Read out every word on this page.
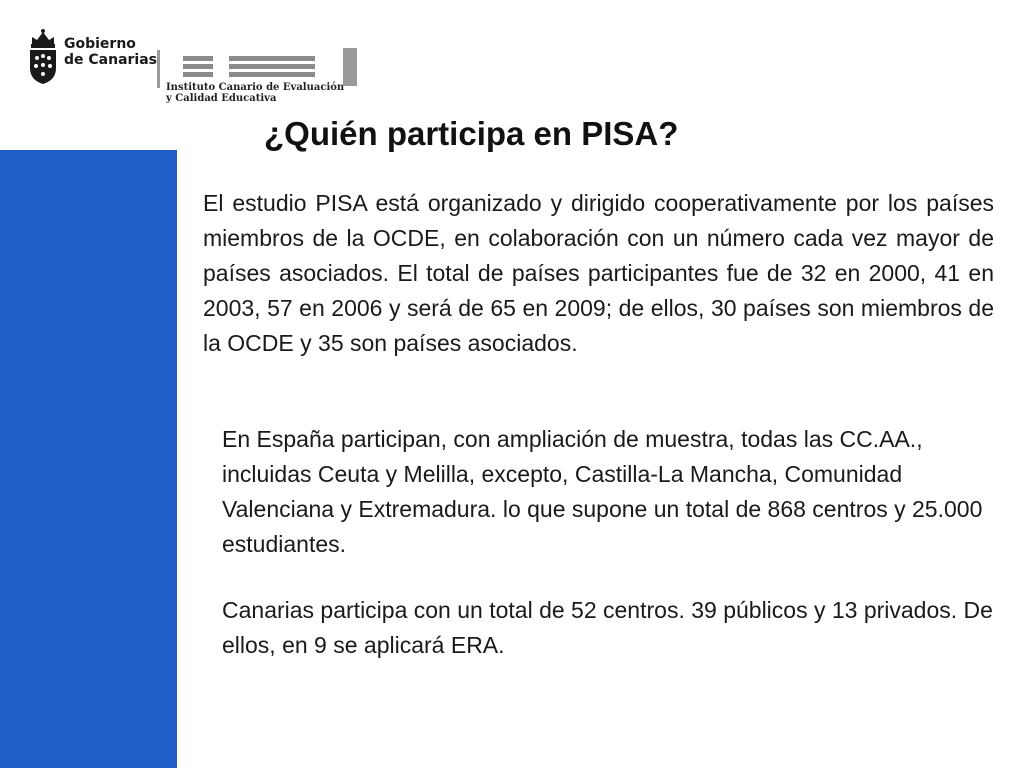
Gobierno
de Canarias
Instituto Canario de Evaluación
y Calidad Educativa
¿Quién participa en PISA?

El estudio PISA está organizado y dirigido cooperativamente por los países miembros de la OCDE, en colaboración con un número cada vez mayor de países asociados. El total de países participantes fue de 32 en 2000, 41 en 2003, 57 en 2006 y será de 65 en 2009; de ellos, 30 países son miembros de la OCDE y 35 son países asociados.

En España participan, con ampliación de muestra, todas las CC.AA., incluidas Ceuta y Melilla, excepto, Castilla-La Mancha, Comunidad Valenciana y Extremadura. lo que supone un total de 868 centros y 25.000 estudiantes.

Canarias participa con un total de 52 centros. 39 públicos y 13 privados. De ellos, en 9 se aplicará ERA.
